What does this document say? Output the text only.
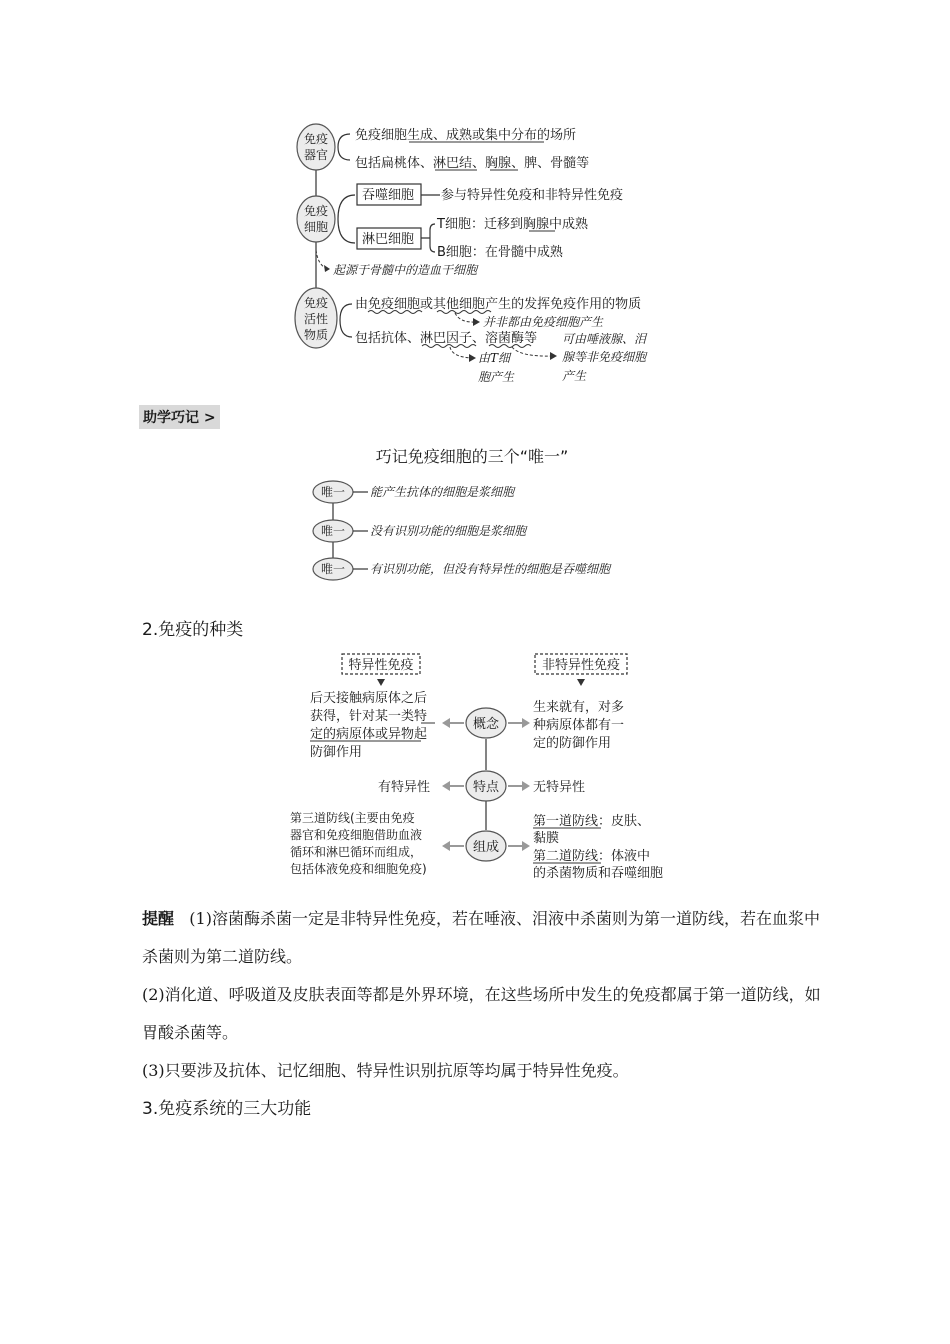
免疫
器官
免疫细胞生成、成熟或集中分布的场所
包括扁桃体、淋巴结、胸腺、脾、骨髓等
免疫
细胞
吞噬细胞 参与特异性免疫和非特异性免疫
淋巴细胞
T细胞：迁移到胸腺中成熟
B细胞：在骨髓中成熟
起源于骨髓中的造血干细胞
免疫
活性
物质
由免疫细胞或其他细胞产生的发挥免疫作用的物质
并非都由免疫细胞产生
包括抗体、淋巴因子、溶菌酶等
由T细
胞产生
可由唾液腺、泪
腺等非免疫细胞
产生
巧记免疫细胞的三个“唯一”
唯一 能产生抗体的细胞是浆细胞
唯一 没有识别功能的细胞是浆细胞
唯一 有识别功能，但没有特异性的细胞是吞噬细胞
特异性免疫	非特异性免疫
概念
特点
组成
后天接触病原体之后
获得，针对某一类特
定的病原体或异物起
防御作用
生来就有，对多
种病原体都有一
定的防御作用
有特异性	无特异性
第三道防线(主要由免疫
器官和免疫细胞借助血液
循环和淋巴循环而组成，
包括体液免疫和细胞免疫)
第一道防线：皮肤、
黏膜
第二道防线：体液中
的杀菌物质和吞噬细胞
助学巧记 >
2.免疫的种类
提醒 (1)溶菌酶杀菌一定是非特异性免疫，若在唾液、泪液中杀菌则为第一道防线，若在血浆中杀菌则为第二道防线。
(2)消化道、呼吸道及皮肤表面等都是外界环境，在这些场所中发生的免疫都属于第一道防线，如胃酸杀菌等。
(3)只要涉及抗体、记忆细胞、特异性识别抗原等均属于特异性免疫。
3.免疫系统的三大功能
